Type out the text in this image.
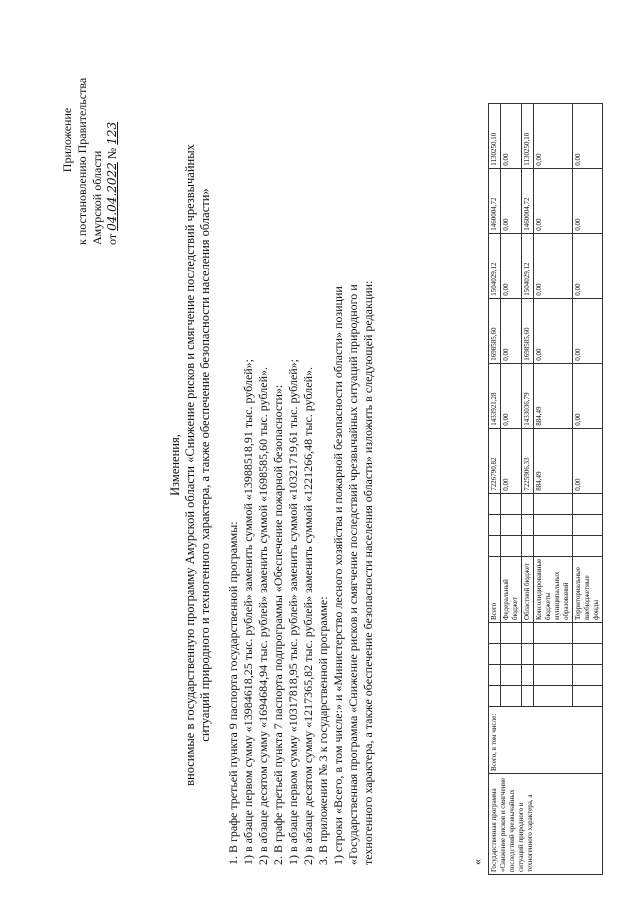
Приложение к постановлению Правительства Амурской области от 04.04.2022 № 123
Изменения, вносимые в государственную программу Амурской области «Снижение рисков и смягчение последствий чрезвычайных ситуаций природного и техногенного характера, а также обеспечение безопасности населения области» 1. В графе третьей пункта 9 паспорта государственной программы: 1) в абзаце первом сумму «13984618,25 тыс. рублей» заменить суммой «13988518,91 тыс. рублей»; 2) в абзаце десятом сумму «1694684,94 тыс. рублей» заменить суммой «1698585,60 тыс. рублей». 2. В графе третьей пункта 7 паспорта подпрограммы «Обеспечение пожарной безопасности»: 1) в абзаце первом сумму «10317818,95 тыс. рублей» заменить суммой «10321719,61 тыс. рублей»; 2) в абзаце десятом сумму «1217365,82 тыс. рублей» заменить суммой «1221266,48 тыс. рублей». 3. В приложении № 3 к государственной программе: 1) строки «Всего, в том числе:» и «Министерство лесного хозяйства и пожарной безопасности области» позиции «Государственная программа «Снижение рисков и смягчение последствий чрезвычайных ситуаций природного и техногенного характера, а также обеспечение безопасности населения области» изложить в следующей редакции:	« Государственная программа «Снижение рисков и смягчение последствий чрезвычайных ситуаций природного и техногенного характера, а	Всего, в том числе:					Всего				7226790,82	1433921,28	1698585,60	1504029,12	1460004,72	1130250,10
						Федеральный бюджет				0,00	0,00	0,00	0,00	0,00	0,00
						Областной бюджет				7225906,33	1433036,79	1698585,60	1504029,12	1460004,72	1130250,10
						Консолидированные бюджеты муниципальных образований				884,49	884,49	0,00	0,00	0,00	0,00
						Территориальные внебюджетные фонды				0,00	0,00	0,00	0,00	0,00	0,00
